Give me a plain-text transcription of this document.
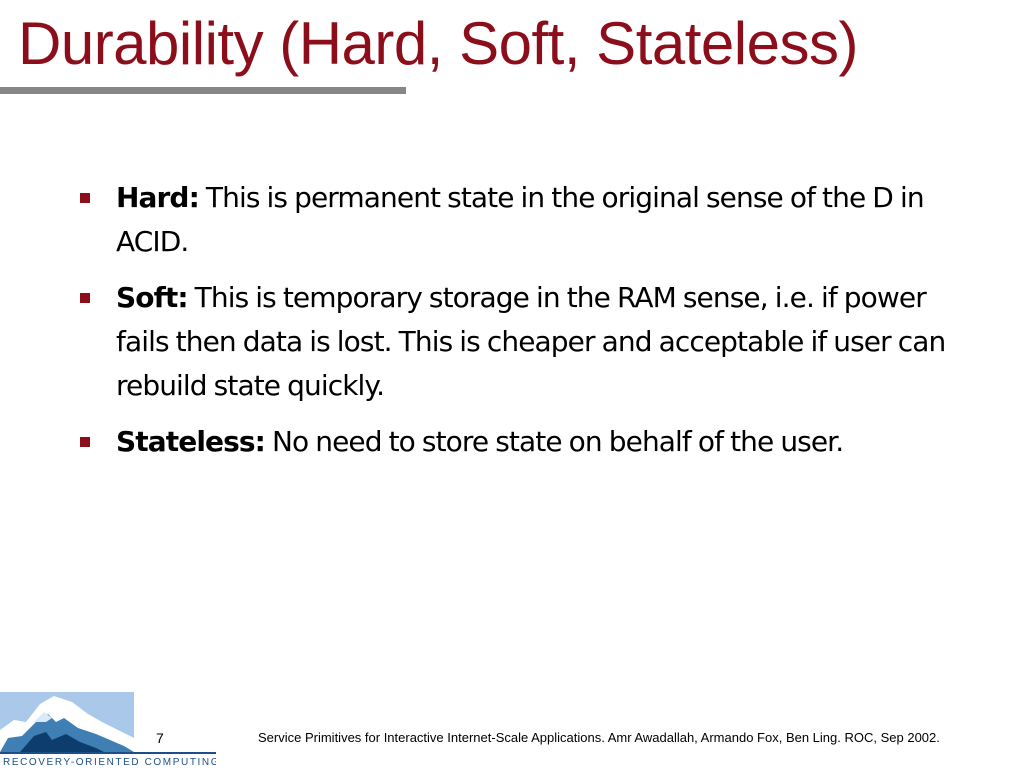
Durability (Hard, Soft, Stateless)
Hard: This is permanent state in the original sense of the D in ACID.
Soft: This is temporary storage in the RAM sense, i.e. if power fails then data is lost. This is cheaper and acceptable if user can rebuild state quickly.
Stateless: No need to store state on behalf of the user.
RECOVERY-ORIENTED COMPUTING
7	Service Primitives for Interactive Internet-Scale Applications. Amr Awadallah, Armando Fox, Ben Ling. ROC, Sep 2002.
